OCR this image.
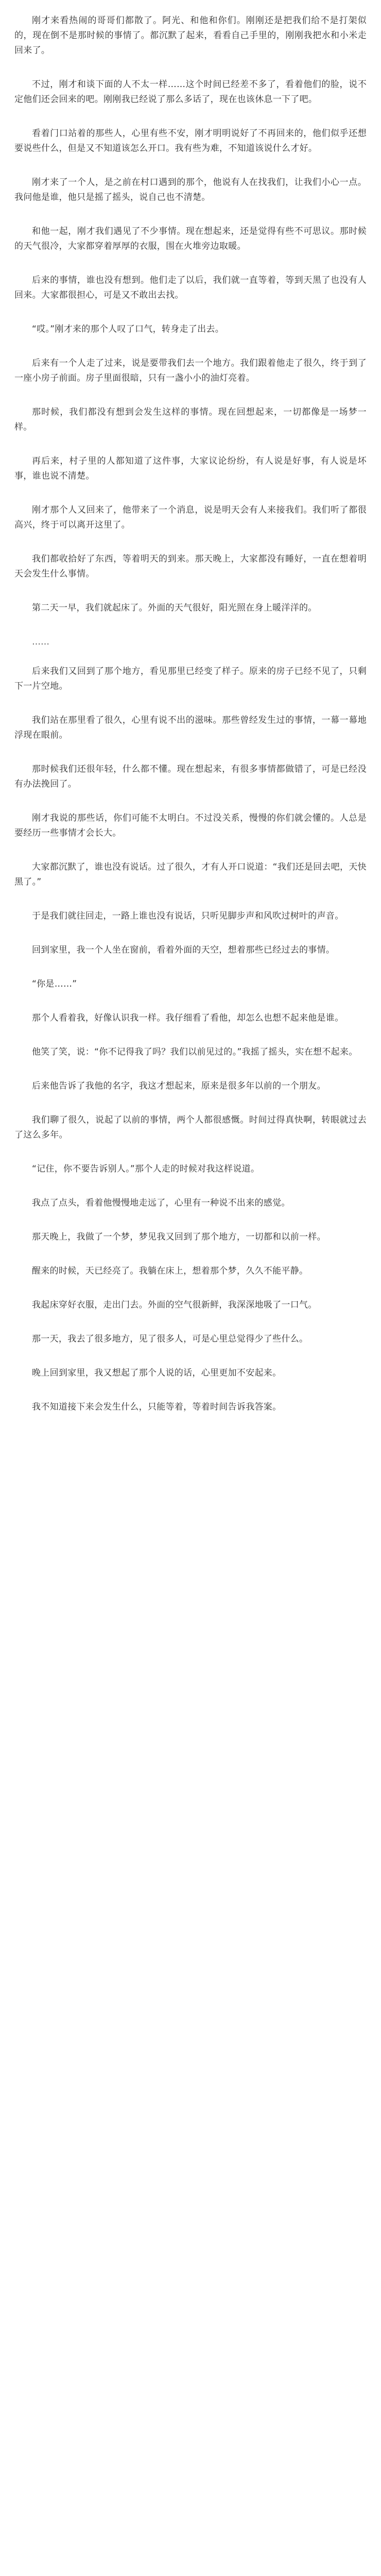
刚才来看热闹的哥哥们都散了。阿光、和他和你们。刚刚还是把我们给不是打架似的，现在倒不是那时候的事情了。都沉默了起来，看看自己手里的，刚刚我把水和小米走回来了。

不过，刚才和谈下面的人不太一样……这个时间已经差不多了，看着他们的脸，说不定他们还会回来的吧。刚刚我已经说了那么多话了，现在也该休息一下了吧。

看着门口站着的那些人，心里有些不安，刚才明明说好了不再回来的，他们似乎还想要说些什么，但是又不知道该怎么开口。我有些为难，不知道该说什么才好。

刚才来了一个人，是之前在村口遇到的那个，他说有人在找我们，让我们小心一点。我问他是谁，他只是摇了摇头，说自己也不清楚。

和他一起，刚才我们遇见了不少事情。现在想起来，还是觉得有些不可思议。那时候的天气很冷，大家都穿着厚厚的衣服，围在火堆旁边取暖。

后来的事情，谁也没有想到。他们走了以后，我们就一直等着，等到天黑了也没有人回来。大家都很担心，可是又不敢出去找。

“哎。”刚才来的那个人叹了口气，转身走了出去。

后来有一个人走了过来，说是要带我们去一个地方。我们跟着他走了很久，终于到了一座小房子前面。房子里面很暗，只有一盏小小的油灯亮着。

那时候，我们都没有想到会发生这样的事情。现在回想起来，一切都像是一场梦一样。

再后来，村子里的人都知道了这件事，大家议论纷纷，有人说是好事，有人说是坏事，谁也说不清楚。

刚才那个人又回来了，他带来了一个消息，说是明天会有人来接我们。我们听了都很高兴，终于可以离开这里了。

我们都收拾好了东西，等着明天的到来。那天晚上，大家都没有睡好，一直在想着明天会发生什么事情。

第二天一早，我们就起床了。外面的天气很好，阳光照在身上暖洋洋的。

……

后来我们又回到了那个地方，看见那里已经变了样子。原来的房子已经不见了，只剩下一片空地。

我们站在那里看了很久，心里有说不出的滋味。那些曾经发生过的事情，一幕一幕地浮现在眼前。

那时候我们还很年轻，什么都不懂。现在想起来，有很多事情都做错了，可是已经没有办法挽回了。

刚才我说的那些话，你们可能不太明白。不过没关系，慢慢的你们就会懂的。人总是要经历一些事情才会长大。

大家都沉默了，谁也没有说话。过了很久，才有人开口说道：“我们还是回去吧，天快黑了。”

于是我们就往回走，一路上谁也没有说话，只听见脚步声和风吹过树叶的声音。

回到家里，我一个人坐在窗前，看着外面的天空，想着那些已经过去的事情。

“你是……”

那个人看着我，好像认识我一样。我仔细看了看他，却怎么也想不起来他是谁。

他笑了笑，说：“你不记得我了吗？我们以前见过的。”我摇了摇头，实在想不起来。

后来他告诉了我他的名字，我这才想起来，原来是很多年以前的一个朋友。

我们聊了很久，说起了以前的事情，两个人都很感慨。时间过得真快啊，转眼就过去了这么多年。

“记住，你不要告诉别人。”那个人走的时候对我这样说道。

我点了点头，看着他慢慢地走远了，心里有一种说不出来的感觉。

那天晚上，我做了一个梦，梦见我又回到了那个地方，一切都和以前一样。

醒来的时候，天已经亮了。我躺在床上，想着那个梦，久久不能平静。

我起床穿好衣服，走出门去。外面的空气很新鲜，我深深地吸了一口气。

那一天，我去了很多地方，见了很多人，可是心里总觉得少了些什么。

晚上回到家里，我又想起了那个人说的话，心里更加不安起来。

我不知道接下来会发生什么，只能等着，等着时间告诉我答案。
